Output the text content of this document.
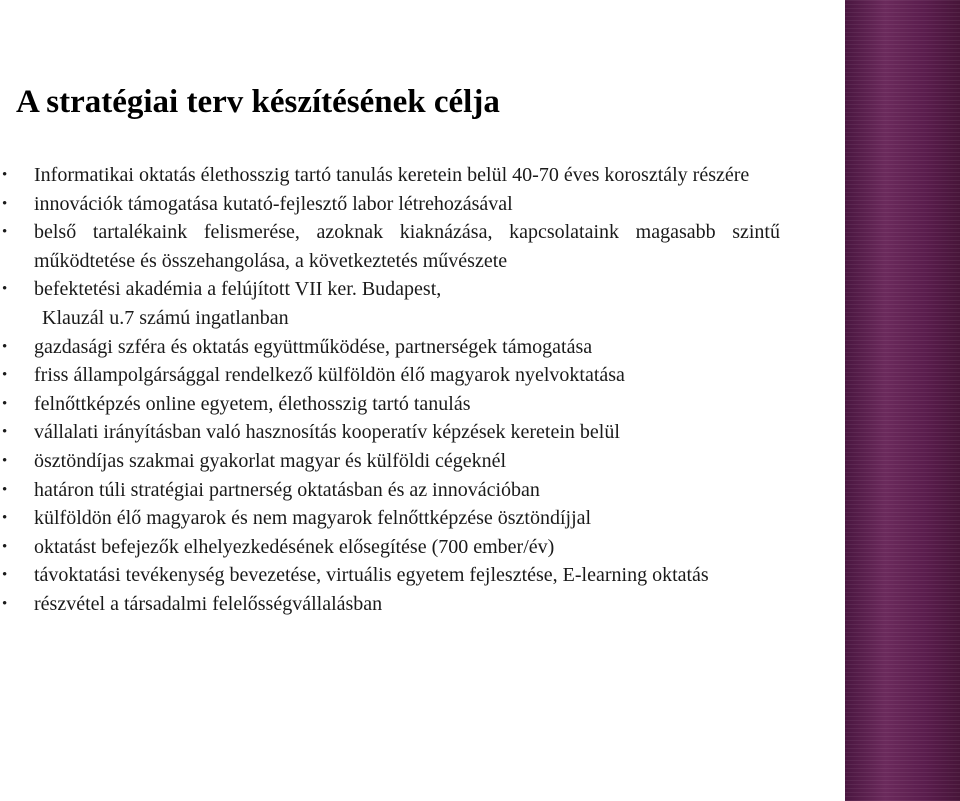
A stratégiai terv készítésének célja
• Informatikai oktatás élethosszig tartó tanulás keretein belül 40-70 éves korosztály részére
• innovációk támogatása kutató-fejlesztő labor létrehozásával
• belső tartalékaink felismerése, azoknak kiaknázása, kapcsolataink magasabb szintű működtetése és összehangolása, a következtetés művészete
• befektetési akadémia a felújított VII ker. Budapest,
Klauzál u.7 számú ingatlanban
• gazdasági szféra és oktatás együttműködése, partnerségek támogatása
• friss állampolgársággal rendelkező külföldön élő magyarok nyelvoktatása
• felnőttképzés online egyetem, élethosszig tartó tanulás
• vállalati irányításban való hasznosítás kooperatív képzések keretein belül
• ösztöndíjas szakmai gyakorlat magyar és külföldi cégeknél
• határon túli stratégiai partnerség oktatásban és az innovációban
• külföldön élő magyarok és nem magyarok felnőttképzése ösztöndíjjal
• oktatást befejezők elhelyezkedésének elősegítése (700 ember/év)
• távoktatási tevékenység bevezetése, virtuális egyetem fejlesztése, E-learning oktatás
• részvétel a társadalmi felelősségvállalásban
